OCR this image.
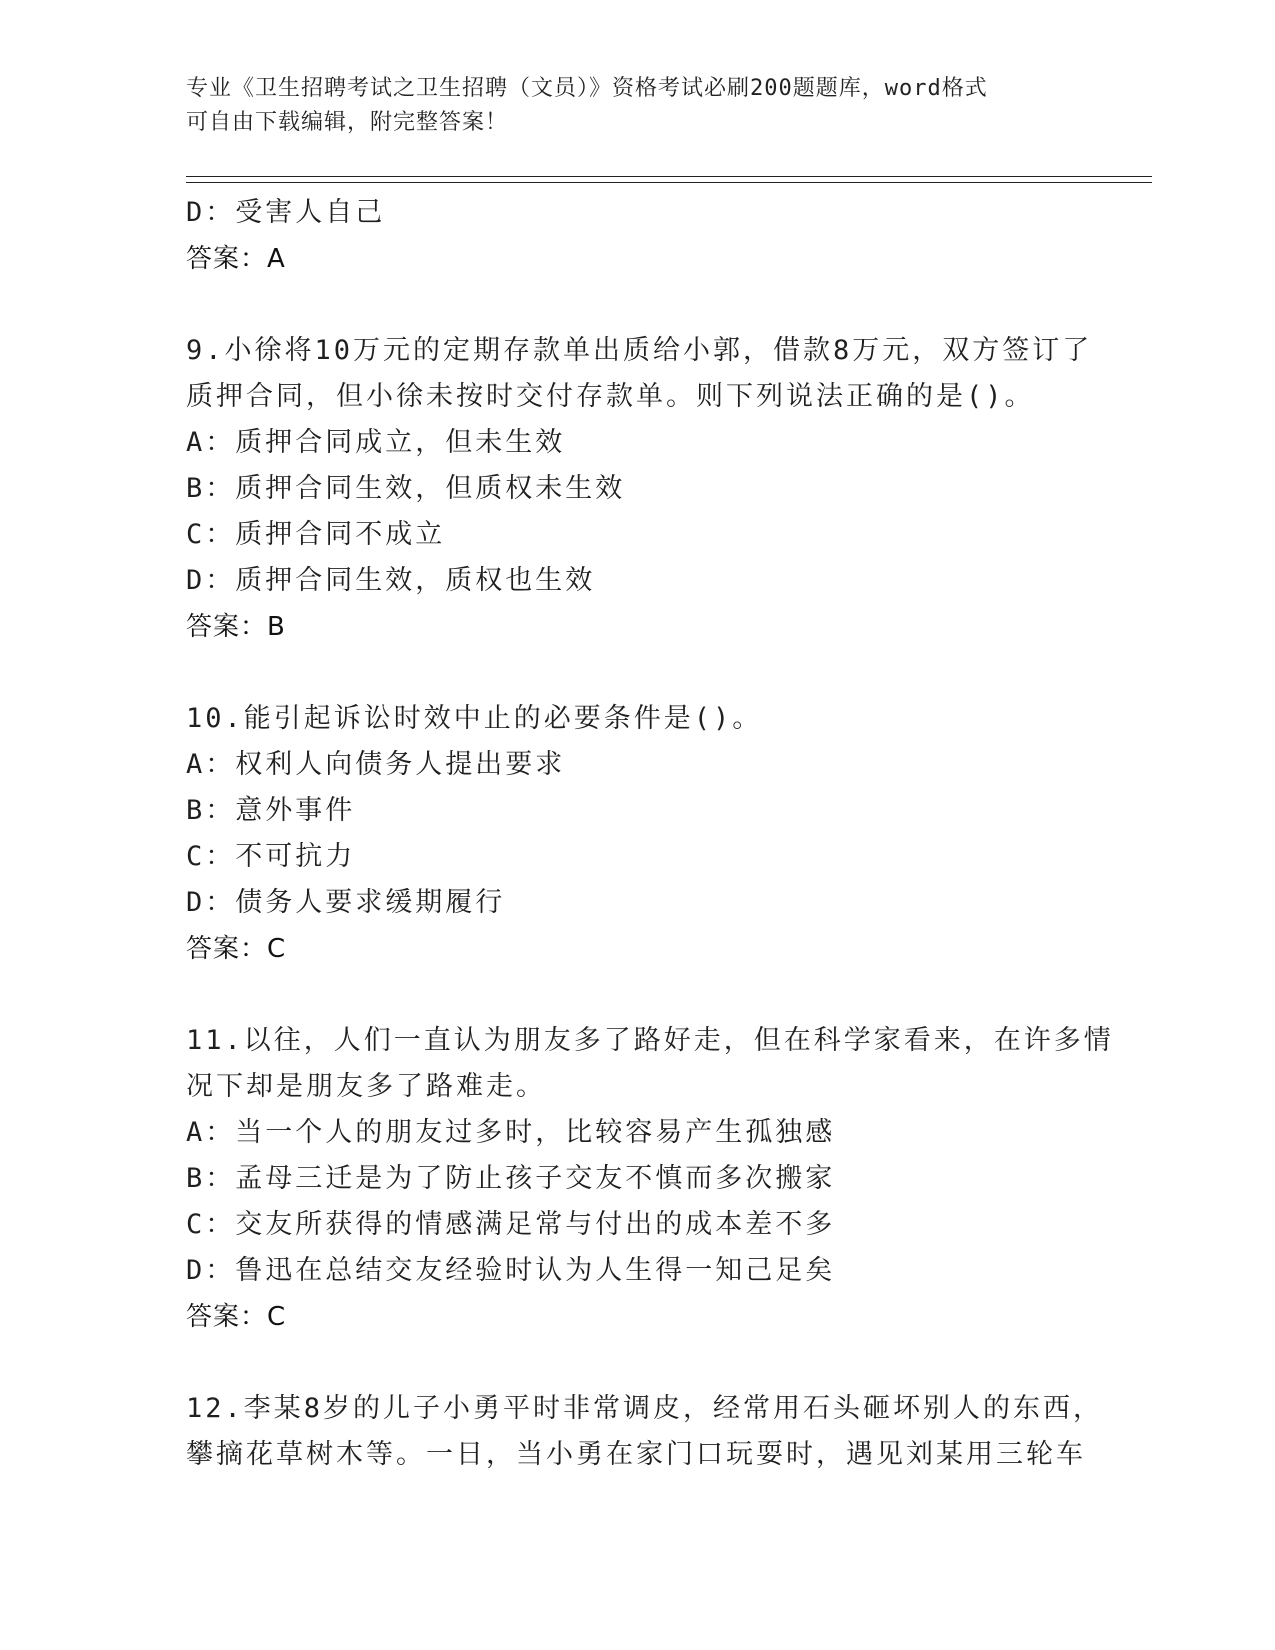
专业《卫生招聘考试之卫生招聘（文员）》资格考试必刷200题题库，word格式
可自由下载编辑，附完整答案！
D：受害人自己
答案：A
9.小徐将10万元的定期存款单出质给小郭，借款8万元，双方签订了
质押合同，但小徐未按时交付存款单。则下列说法正确的是()。
A：质押合同成立，但未生效
B：质押合同生效，但质权未生效
C：质押合同不成立
D：质押合同生效，质权也生效
答案：B
10.能引起诉讼时效中止的必要条件是()。
A：权利人向债务人提出要求
B：意外事件
C：不可抗力
D：债务人要求缓期履行
答案：C
11.以往，人们一直认为朋友多了路好走，但在科学家看来，在许多情
况下却是朋友多了路难走。
A：当一个人的朋友过多时，比较容易产生孤独感
B：孟母三迁是为了防止孩子交友不慎而多次搬家
C：交友所获得的情感满足常与付出的成本差不多
D：鲁迅在总结交友经验时认为人生得一知己足矣
答案：C
12.李某8岁的儿子小勇平时非常调皮，经常用石头砸坏别人的东西，
攀摘花草树木等。一日，当小勇在家门口玩耍时，遇见刘某用三轮车
